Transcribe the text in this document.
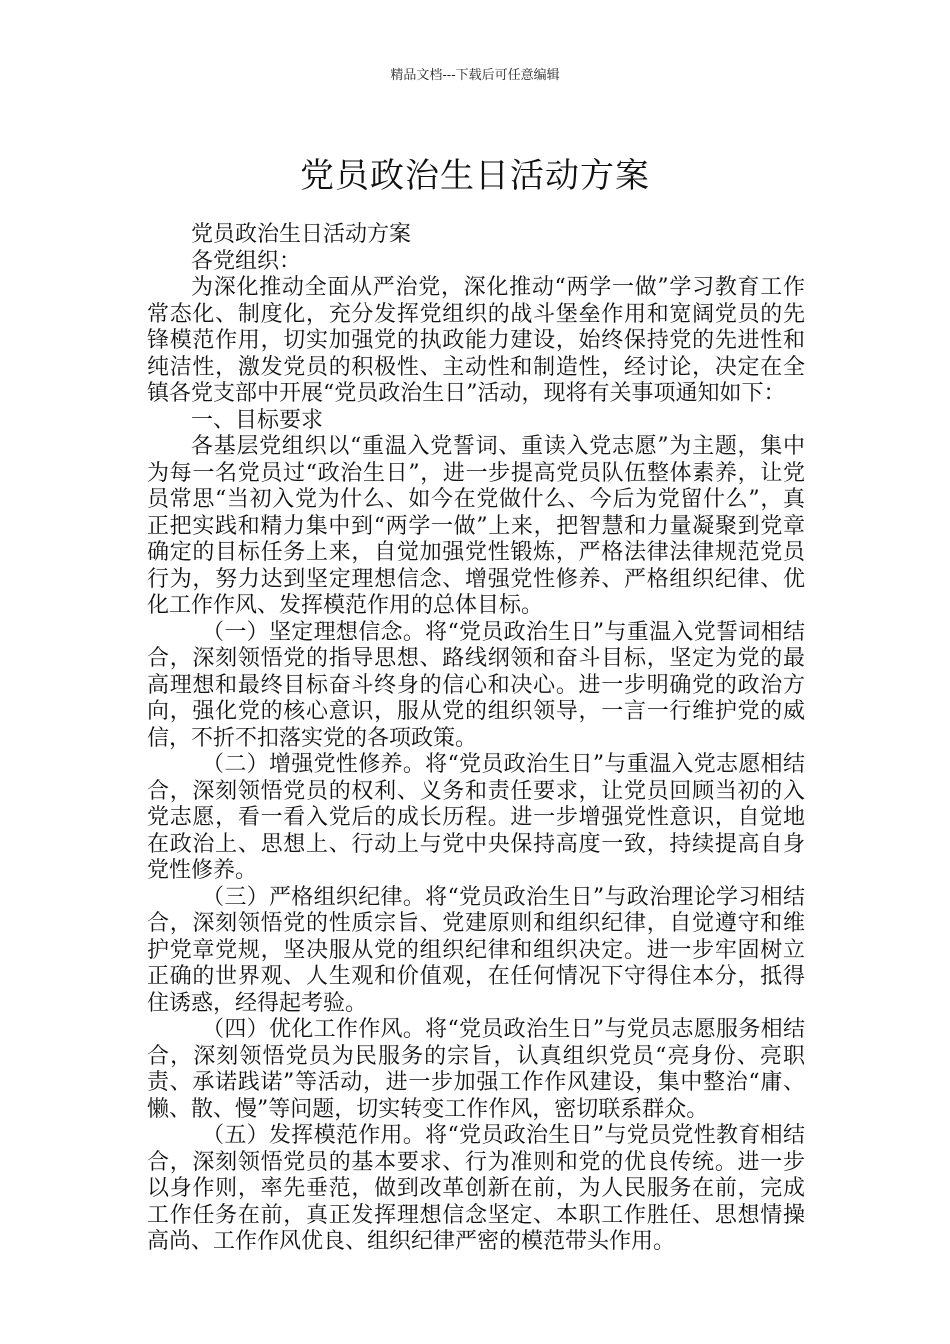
精品文档---下载后可任意编辑
党员政治生日活动方案

党员政治生日活动方案

各党组织：

为深化推动全面从严治党，深化推动“两学一做”学习教育工作常态化、制度化，充分发挥党组织的战斗堡垒作用和宽阔党员的先锋模范作用，切实加强党的执政能力建设，始终保持党的先进性和纯洁性，激发党员的积极性、主动性和制造性，经讨论，决定在全镇各党支部中开展“党员政治生日”活动，现将有关事项通知如下：

一、目标要求

各基层党组织以“重温入党誓词、重读入党志愿”为主题，集中为每一名党员过“政治生日”，进一步提高党员队伍整体素养，让党员常思“当初入党为什么、如今在党做什么、今后为党留什么”，真正把实践和精力集中到“两学一做”上来，把智慧和力量凝聚到党章确定的目标任务上来，自觉加强党性锻炼，严格法律法律规范党员行为，努力达到坚定理想信念、增强党性修养、严格组织纪律、优化工作作风、发挥模范作用的总体目标。

（一）坚定理想信念。将“党员政治生日”与重温入党誓词相结合，深刻领悟党的指导思想、路线纲领和奋斗目标，坚定为党的最高理想和最终目标奋斗终身的信心和决心。进一步明确党的政治方向，强化党的核心意识，服从党的组织领导，一言一行维护党的威信，不折不扣落实党的各项政策。

（二）增强党性修养。将“党员政治生日”与重温入党志愿相结合，深刻领悟党员的权利、义务和责任要求，让党员回顾当初的入党志愿，看一看入党后的成长历程。进一步增强党性意识，自觉地在政治上、思想上、行动上与党中央保持高度一致，持续提高自身党性修养。

（三）严格组织纪律。将“党员政治生日”与政治理论学习相结合，深刻领悟党的性质宗旨、党建原则和组织纪律，自觉遵守和维护党章党规，坚决服从党的组织纪律和组织决定。进一步牢固树立正确的世界观、人生观和价值观，在任何情况下守得住本分，抵得住诱惑，经得起考验。

（四）优化工作作风。将“党员政治生日”与党员志愿服务相结合，深刻领悟党员为民服务的宗旨，认真组织党员“亮身份、亮职责、承诺践诺”等活动，进一步加强工作作风建设，集中整治“庸、懒、散、慢”等问题，切实转变工作作风，密切联系群众。

（五）发挥模范作用。将“党员政治生日”与党员党性教育相结合，深刻领悟党员的基本要求、行为准则和党的优良传统。进一步以身作则，率先垂范，做到改革创新在前，为人民服务在前，完成工作任务在前，真正发挥理想信念坚定、本职工作胜任、思想情操高尚、工作作风优良、组织纪律严密的模范带头作用。
